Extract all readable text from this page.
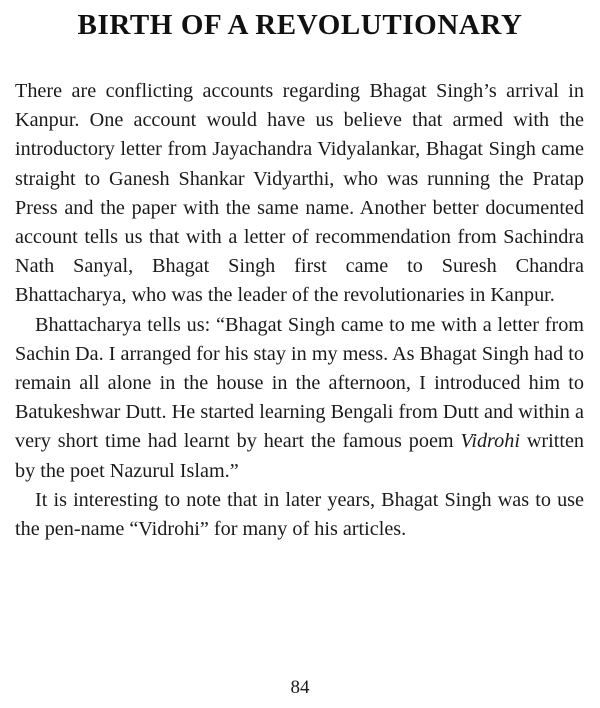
BIRTH OF A REVOLUTIONARY

There are conflicting accounts regarding Bhagat Singh’s arrival in Kanpur. One account would have us believe that armed with the introductory letter from Jayachandra Vidyalankar, Bhagat Singh came straight to Ganesh Shankar Vidyarthi, who was running the Pratap Press and the paper with the same name. Another better documented account tells us that with a letter of recommendation from Sachindra Nath Sanyal, Bhagat Singh first came to Suresh Chandra Bhattacharya, who was the leader of the revolutionaries in Kanpur.

Bhattacharya tells us: “Bhagat Singh came to me with a letter from Sachin Da. I arranged for his stay in my mess. As Bhagat Singh had to remain all alone in the house in the afternoon, I introduced him to Batukeshwar Dutt. He started learning Bengali from Dutt and within a very short time had learnt by heart the famous poem Vidrohi written by the poet Nazurul Islam.”

It is interesting to note that in later years, Bhagat Singh was to use the pen-name “Vidrohi” for many of his articles.

84
